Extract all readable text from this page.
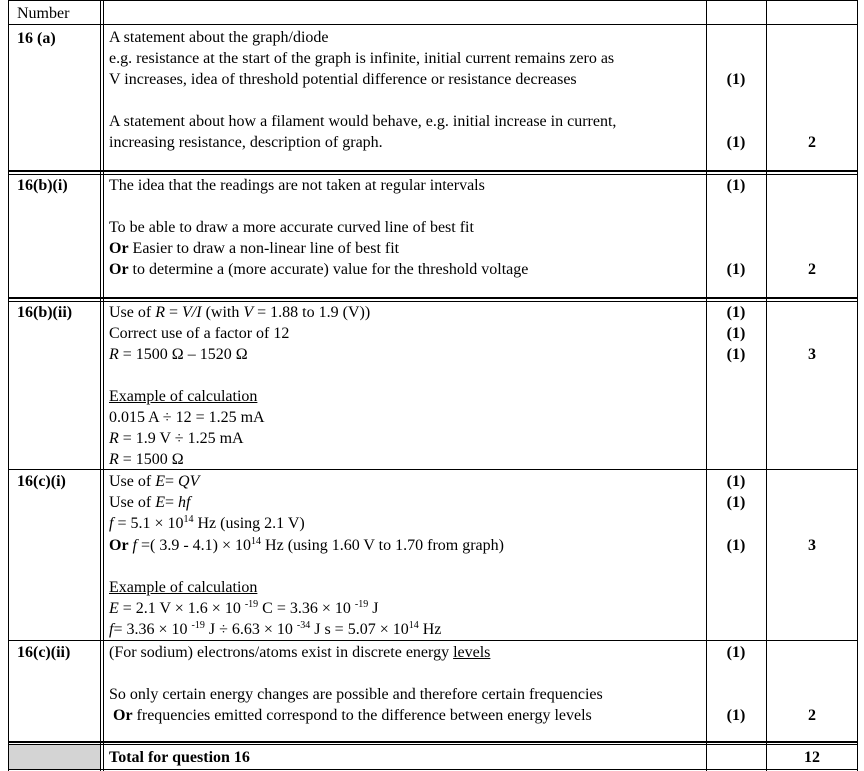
Number
16 (a)	A statement about the graph/diode
e.g. resistance at the start of the graph is infinite, initial current remains zero as
V increases, idea of threshold potential difference or resistance decreases	(1)
A statement about how a filament would behave, e.g. initial increase in current,
increasing resistance, description of graph.	(1)	2
16(b)(i)	The idea that the readings are not taken at regular intervals	(1)
To be able to draw a more accurate curved line of best fit
Or Easier to draw a non-linear line of best fit
Or to determine a (more accurate) value for the threshold voltage	(1)	2
16(b)(ii) Use of R = V/I (with V = 1.88 to 1.9 (V))	(1)
Correct use of a factor of 12	(1)
R = 1500 Ω – 1520 Ω	(1)	3
Example of calculation
0.015 A ÷ 12 = 1.25 mA
R = 1.9 V ÷ 1.25 mA
R = 1500 Ω
16(c)(i)	Use of E= QV	(1)
Use of E= hf	(1)
$f = 5.1 \times 10^{14}$ Hz (using 2.1 V)
Or f =( $3.9 - 4.1) \times 10^{14}$ Hz (using 1.60 V to 1.70 from graph)	(1)	3
Example of calculation
E = 2.1 V × 1.6 × 10 $^{-19}$ C = 3.36 × 10 $^{-19}$ J
f= 3.36 × 10 $^{-19}$ J ÷ 6.63 × 10 $^{-34}$ J $s = 5.07 \times 10^{14}$ Hz
16(c)(ii) (For sodium) electrons/atoms exist in discrete energy levels	(1)
So only certain energy changes are possible and therefore certain frequencies
Or frequencies emitted correspond to the difference between energy levels	(1)	2
Total for question 16	12
